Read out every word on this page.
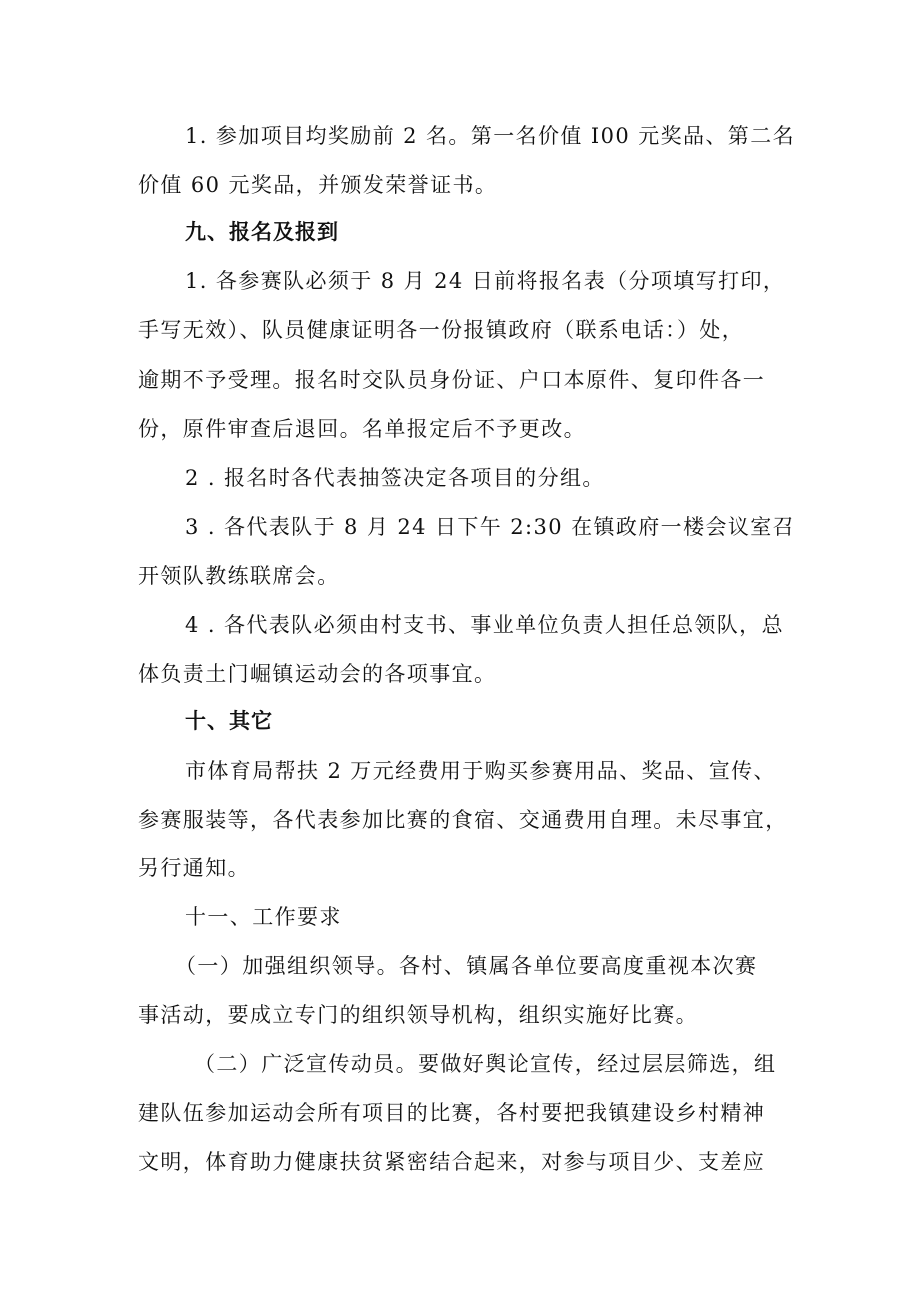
1. 参加项目均奖励前 2 名。第一名价值 I00 元奖品、第二名
价值 60 元奖品，并颁发荣誉证书。
九、报名及报到
1. 各参赛队必须于 8 月 24 日前将报名表（分项填写打印，
手写无效）、队员健康证明各一份报镇政府（联系电话：）处，
逾期不予受理。报名时交队员身份证、户口本原件、复印件各一
份，原件审查后退回。名单报定后不予更改。
2 . 报名时各代表抽签决定各项目的分组。
3 . 各代表队于 8 月 24 日下午 2:30 在镇政府一楼会议室召
开领队教练联席会。
4 . 各代表队必须由村支书、事业单位负责人担任总领队，总
体负责土门崛镇运动会的各项事宜。
十、其它
市体育局帮扶 2 万元经费用于购买参赛用品、奖品、宣传、
参赛服装等，各代表参加比赛的食宿、交通费用自理。未尽事宜，
另行通知。
十一、工作要求
（一）加强组织领导。各村、镇属各单位要高度重视本次赛
事活动，要成立专门的组织领导机构，组织实施好比赛。
（二）广泛宣传动员。要做好舆论宣传，经过层层筛选，组
建队伍参加运动会所有项目的比赛，各村要把我镇建设乡村精神
文明，体育助力健康扶贫紧密结合起来，对参与项目少、支差应
